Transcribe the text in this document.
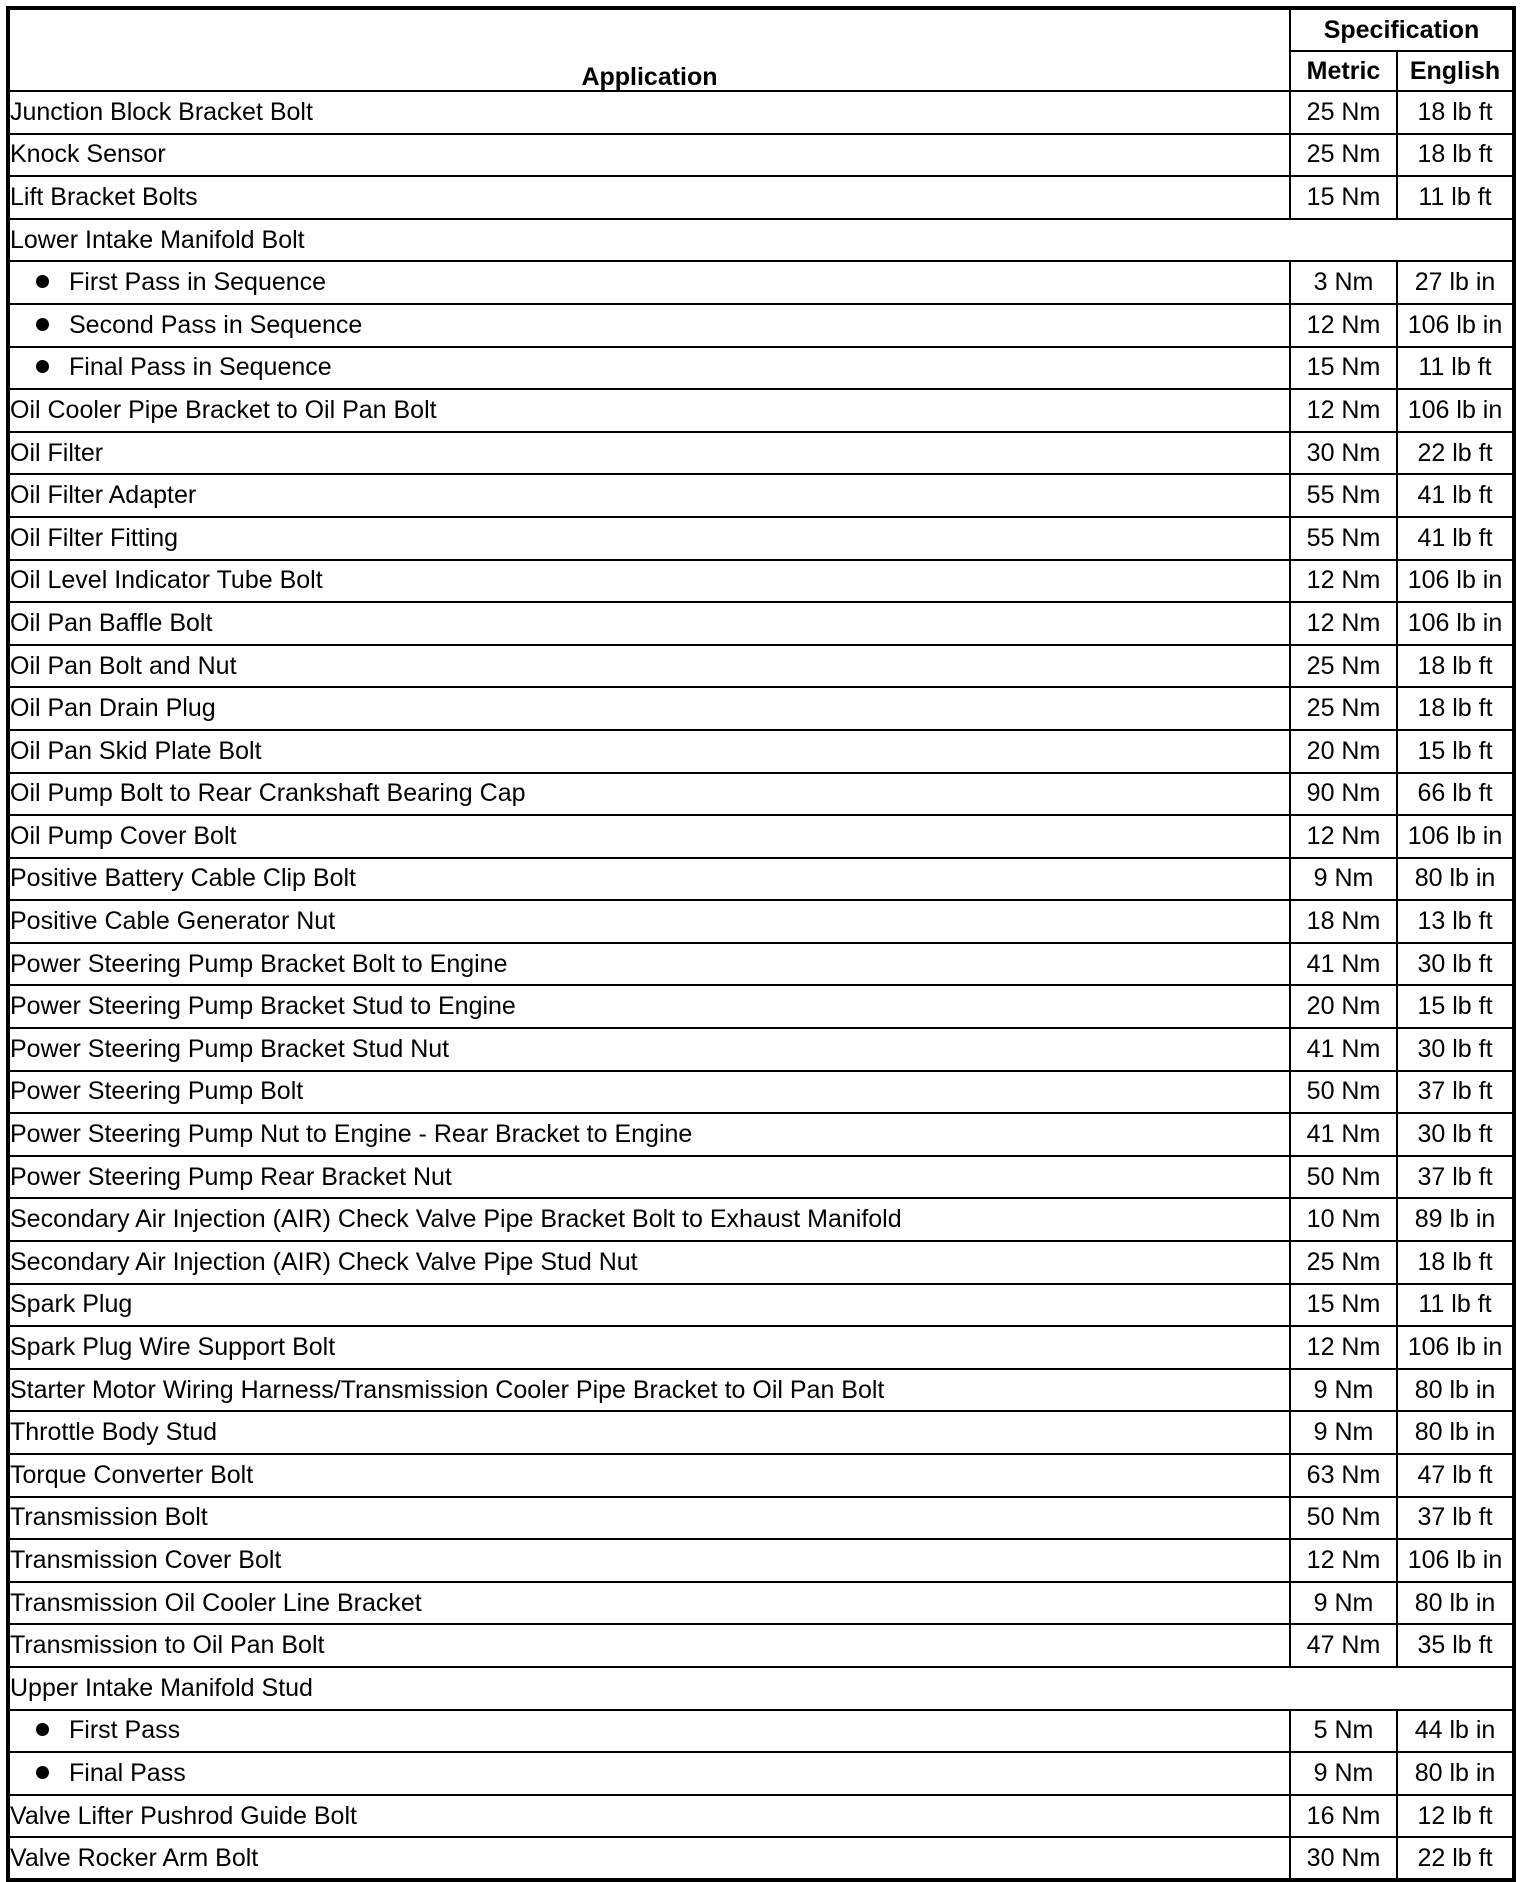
Application	Specification	
	Metric	English
Junction Block Bracket Bolt	25 Nm	18 lb ft
Knock Sensor	25 Nm	18 lb ft
Lift Bracket Bolts	15 Nm	11 lb ft
Lower Intake Manifold Bolt		
First Pass in Sequence	3 Nm	27 lb in
Second Pass in Sequence	12 Nm	106 lb in
Final Pass in Sequence	15 Nm	11 lb ft
Oil Cooler Pipe Bracket to Oil Pan Bolt	12 Nm	106 lb in
Oil Filter	30 Nm	22 lb ft
Oil Filter Adapter	55 Nm	41 lb ft
Oil Filter Fitting	55 Nm	41 lb ft
Oil Level Indicator Tube Bolt	12 Nm	106 lb in
Oil Pan Baffle Bolt	12 Nm	106 lb in
Oil Pan Bolt and Nut	25 Nm	18 lb ft
Oil Pan Drain Plug	25 Nm	18 lb ft
Oil Pan Skid Plate Bolt	20 Nm	15 lb ft
Oil Pump Bolt to Rear Crankshaft Bearing Cap	90 Nm	66 lb ft
Oil Pump Cover Bolt	12 Nm	106 lb in
Positive Battery Cable Clip Bolt	9 Nm	80 lb in
Positive Cable Generator Nut	18 Nm	13 lb ft
Power Steering Pump Bracket Bolt to Engine	41 Nm	30 lb ft
Power Steering Pump Bracket Stud to Engine	20 Nm	15 lb ft
Power Steering Pump Bracket Stud Nut	41 Nm	30 lb ft
Power Steering Pump Bolt	50 Nm	37 lb ft
Power Steering Pump Nut to Engine - Rear Bracket to Engine	41 Nm	30 lb ft
Power Steering Pump Rear Bracket Nut	50 Nm	37 lb ft
Secondary Air Injection (AIR) Check Valve Pipe Bracket Bolt to Exhaust Manifold	10 Nm	89 lb in
Secondary Air Injection (AIR) Check Valve Pipe Stud Nut	25 Nm	18 lb ft
Spark Plug	15 Nm	11 lb ft
Spark Plug Wire Support Bolt	12 Nm	106 lb in
Starter Motor Wiring Harness/Transmission Cooler Pipe Bracket to Oil Pan Bolt	9 Nm	80 lb in
Throttle Body Stud	9 Nm	80 lb in
Torque Converter Bolt	63 Nm	47 lb ft
Transmission Bolt	50 Nm	37 lb ft
Transmission Cover Bolt	12 Nm	106 lb in
Transmission Oil Cooler Line Bracket	9 Nm	80 lb in
Transmission to Oil Pan Bolt	47 Nm	35 lb ft
Upper Intake Manifold Stud		
First Pass	5 Nm	44 lb in
Final Pass	9 Nm	80 lb in
Valve Lifter Pushrod Guide Bolt	16 Nm	12 lb ft
Valve Rocker Arm Bolt	30 Nm	22 lb ft
